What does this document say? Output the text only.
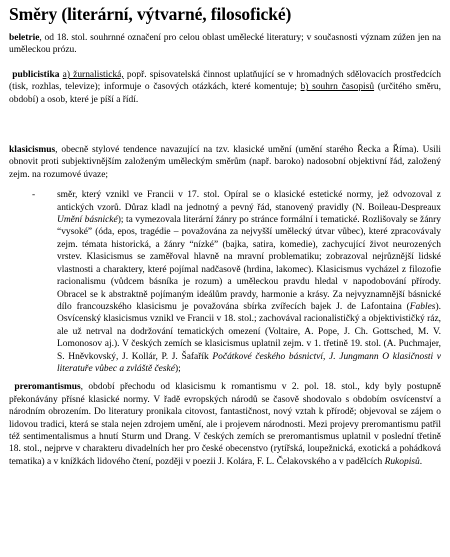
Směry (literární, výtvarné, filosofické)

beletrie, od 18. stol. souhrnné označení pro celou oblast umělecké literatury; v současnosti význam zúžen jen na uměleckou prózu.

publicistika a) žurnalistická, popř. spisovatelská činnost uplatňující se v hromadných sdělovacích prostředcích (tisk, rozhlas, televize); informuje o časových otázkách, které komentuje; b) souhrn časopisů (určitého směru, období) a osob, které je píší a řídí.

klasicismus, obecně stylové tendence navazující na tzv. klasické umění (umění starého Řecka a Říma). Usili obnovit proti subjektivnějším založeným uměleckým směrům (např. baroko) nadosobní objektivní řád, založený zejm. na rozumové úvaze;

- směr, který vznikl ve Francii v 17. stol. Opíral se o klasické estetické normy, jež odvozoval z antických vzorů. Důraz kladl na jednotný a pevný řád, stanovený pravidly (N. Boileau-Despreaux Umění básnické); ta vymezovala literární žánry po stránce formální i tematické. Rozlišovaly se žánry “vysoké” (óda, epos, tragédie – považována za nejvyšší umělecký útvar vůbec), které zpracovávaly zejm. témata historická, a žánry “nízké” (bajka, satira, komedie), zachycující život neurozených vrstev. Klasicismus se zaměřoval hlavně na mravní problematiku; zobrazoval nejrůznější lidské vlastnosti a charaktery, které pojímal nadčasově (hrdina, lakomec). Klasicismus vycházel z filozofie racionalismu (vůdcem básníka je rozum) a uměleckou pravdu hledal v napodobování přírody. Obracel se k abstraktně pojímaným ideálům pravdy, harmonie a krásy. Za nejvyznamnější básnické dílo francouzského klasicismu je považována sbírka zvířecích bajek J. de Lafontaina (Fables). Osvícenský klasicismus vznikl ve Francii v 18. stol.; zachovával racionalističký a objektivističký ráz, ale už netrval na dodržování tematických omezení (Voltaire, A. Pope, J. Ch. Gottsched, M. V. Lomonosov aj.). V českých zemích se klasicismus uplatnil zejm. v 1. třetině 19. stol. (A. Puchmajer, S. Hněvkovský, J. Kollár, P. J. Šafařík Počátkové českého básnictví, J. Jungmann O klasičnosti v literatuře vůbec a zvláště české);

preromantismus, období přechodu od klasicismu k romantismu v 2. pol. 18. stol., kdy byly postupně překonávány přísné klasické normy. V řadě evropských národů se časově shodovalo s obdobím osvícenství a národním obrozením. Do literatury pronikala citovost, fantastičnost, nový vztah k přírodě; objevoval se zájem o lidovou tradici, která se stala nejen zdrojem umění, ale i projevem národnosti. Mezi projevy preromantismu patřil též sentimentalismus a hnutí Sturm und Drang. V českých zemích se preromantismus uplatnil v poslední třetině 18. stol., nejprve v charakteru divadelních her pro české obecenstvo (rytířská, loupežnická, exotická a pohádková tematika) a v knížkách lidového čtení, později v poezii J. Kolára, F. L. Čelakovského a v padělcích Rukopisů.
